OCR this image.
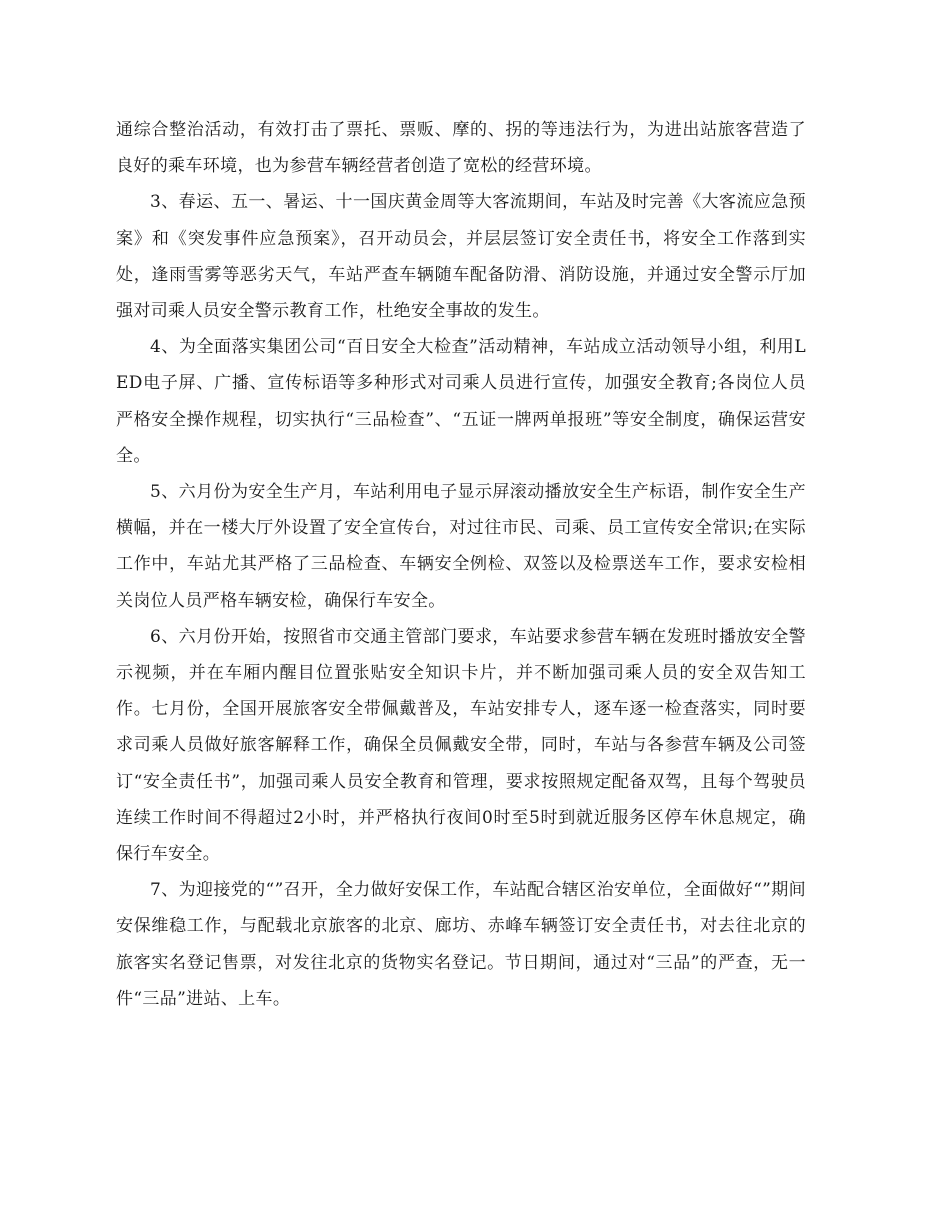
通综合整治活动，有效打击了票托、票贩、摩的、拐的等违法行为，为进出站旅客营造了良好的乘车环境，也为参营车辆经营者创造了宽松的经营环境。

3、春运、五一、暑运、十一国庆黄金周等大客流期间，车站及时完善《大客流应急预案》和《突发事件应急预案》，召开动员会，并层层签订安全责任书，将安全工作落到实处，逢雨雪雾等恶劣天气，车站严查车辆随车配备防滑、消防设施，并通过安全警示厅加强对司乘人员安全警示教育工作，杜绝安全事故的发生。

4、为全面落实集团公司“百日安全大检查”活动精神，车站成立活动领导小组，利用LED电子屏、广播、宣传标语等多种形式对司乘人员进行宣传，加强安全教育;各岗位人员严格安全操作规程，切实执行“三品检查”、“五证一牌两单报班”等安全制度，确保运营安全。

5、六月份为安全生产月，车站利用电子显示屏滚动播放安全生产标语，制作安全生产横幅，并在一楼大厅外设置了安全宣传台，对过往市民、司乘、员工宣传安全常识;在实际工作中，车站尤其严格了三品检查、车辆安全例检、双签以及检票送车工作，要求安检相关岗位人员严格车辆安检，确保行车安全。

6、六月份开始，按照省市交通主管部门要求，车站要求参营车辆在发班时播放安全警示视频，并在车厢内醒目位置张贴安全知识卡片，并不断加强司乘人员的安全双告知工作。七月份，全国开展旅客安全带佩戴普及，车站安排专人，逐车逐一检查落实，同时要求司乘人员做好旅客解释工作，确保全员佩戴安全带，同时，车站与各参营车辆及公司签订“安全责任书”，加强司乘人员安全教育和管理，要求按照规定配备双驾，且每个驾驶员连续工作时间不得超过2小时，并严格执行夜间0时至5时到就近服务区停车休息规定，确保行车安全。

7、为迎接党的“”召开，全力做好安保工作，车站配合辖区治安单位，全面做好“”期间安保维稳工作，与配载北京旅客的北京、廊坊、赤峰车辆签订安全责任书，对去往北京的旅客实名登记售票，对发往北京的货物实名登记。节日期间，通过对“三品”的严查，无一件“三品”进站、上车。
